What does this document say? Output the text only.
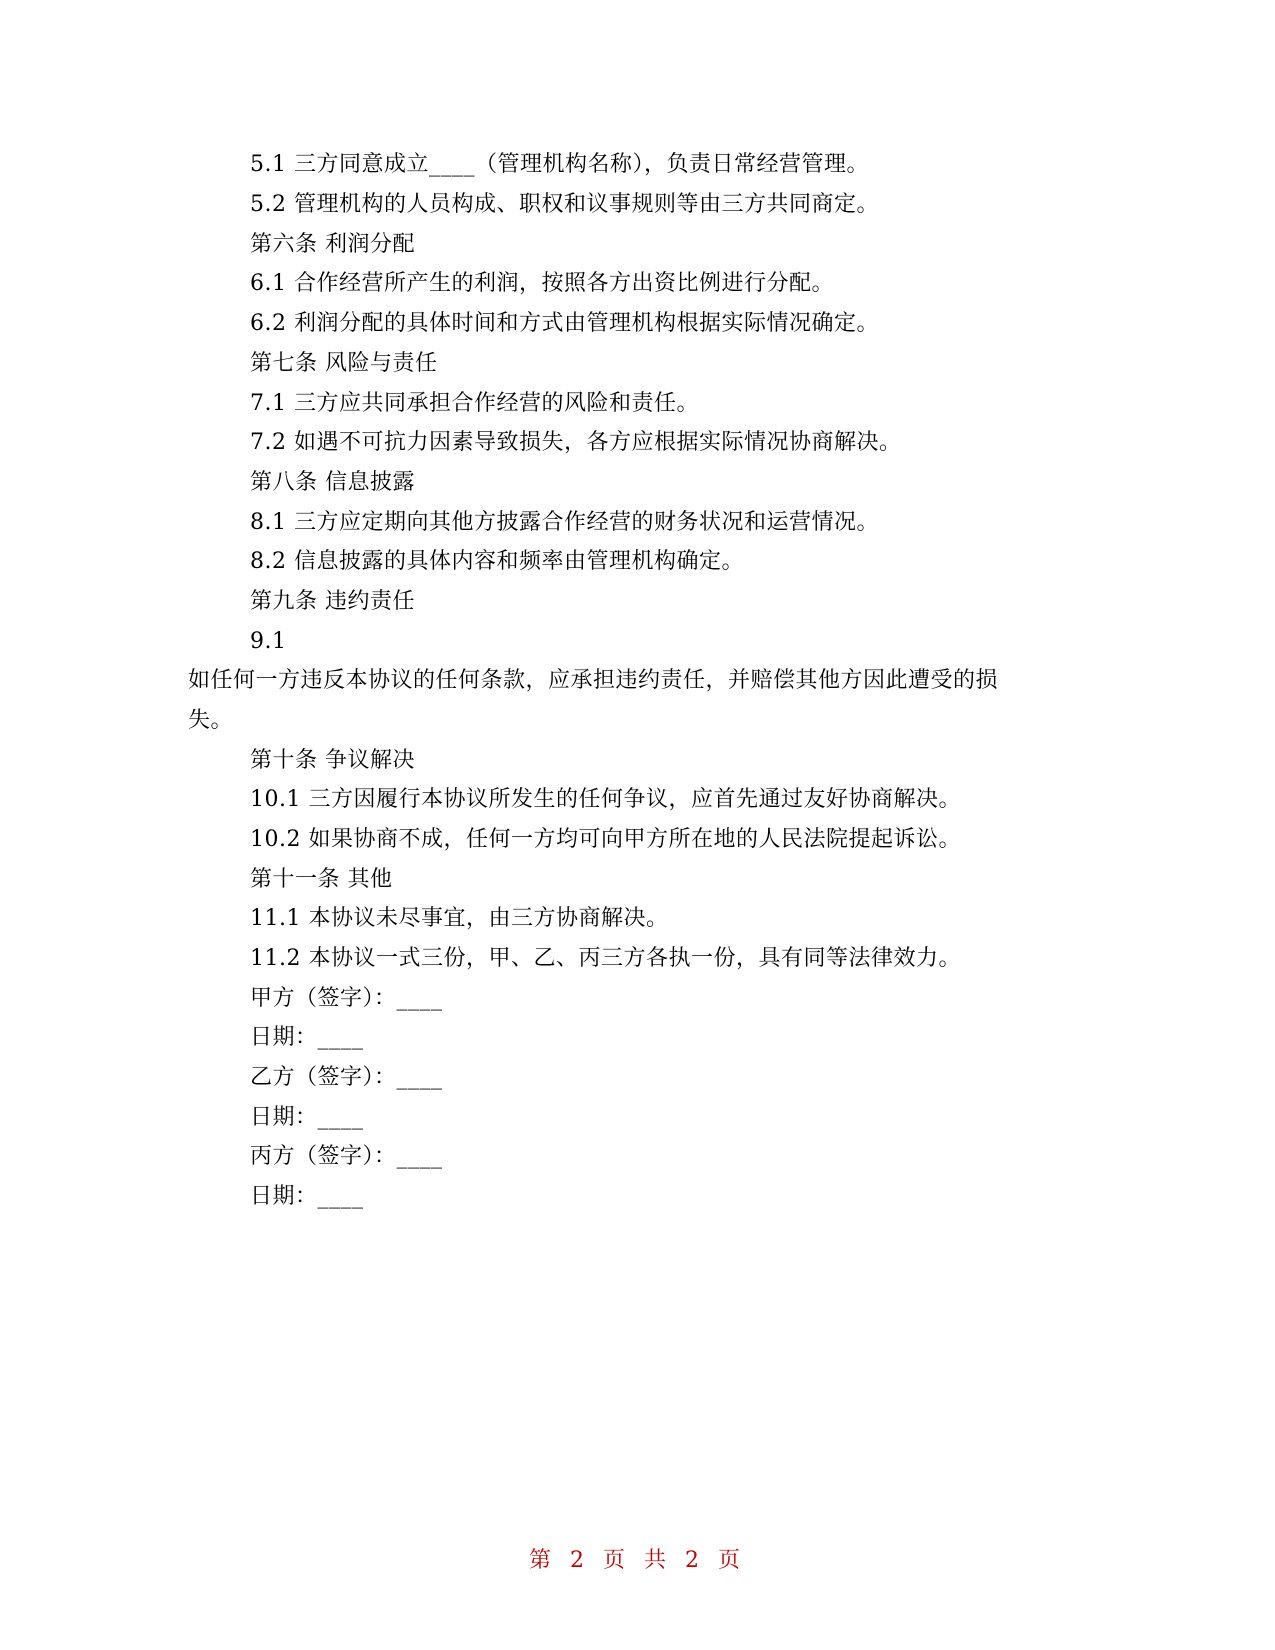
5.1 三方同意成立____（管理机构名称），负责日常经营管理。
5.2 管理机构的人员构成、职权和议事规则等由三方共同商定。
第六条 利润分配
6.1 合作经营所产生的利润，按照各方出资比例进行分配。
6.2 利润分配的具体时间和方式由管理机构根据实际情况确定。
第七条 风险与责任
7.1 三方应共同承担合作经营的风险和责任。
7.2 如遇不可抗力因素导致损失，各方应根据实际情况协商解决。
第八条 信息披露
8.1 三方应定期向其他方披露合作经营的财务状况和运营情况。
8.2 信息披露的具体内容和频率由管理机构确定。
第九条 违约责任
9.1
如任何一方违反本协议的任何条款，应承担违约责任，并赔偿其他方因此遭受的损
失。
第十条 争议解决
10.1 三方因履行本协议所发生的任何争议，应首先通过友好协商解决。
10.2 如果协商不成，任何一方均可向甲方所在地的人民法院提起诉讼。
第十一条 其他
11.1 本协议未尽事宜，由三方协商解决。
11.2 本协议一式三份，甲、乙、丙三方各执一份，具有同等法律效力。
甲方（签字）：____
日期：____
乙方（签字）：____
日期：____
丙方（签字）：____
日期：____
第 2 页 共 2 页
